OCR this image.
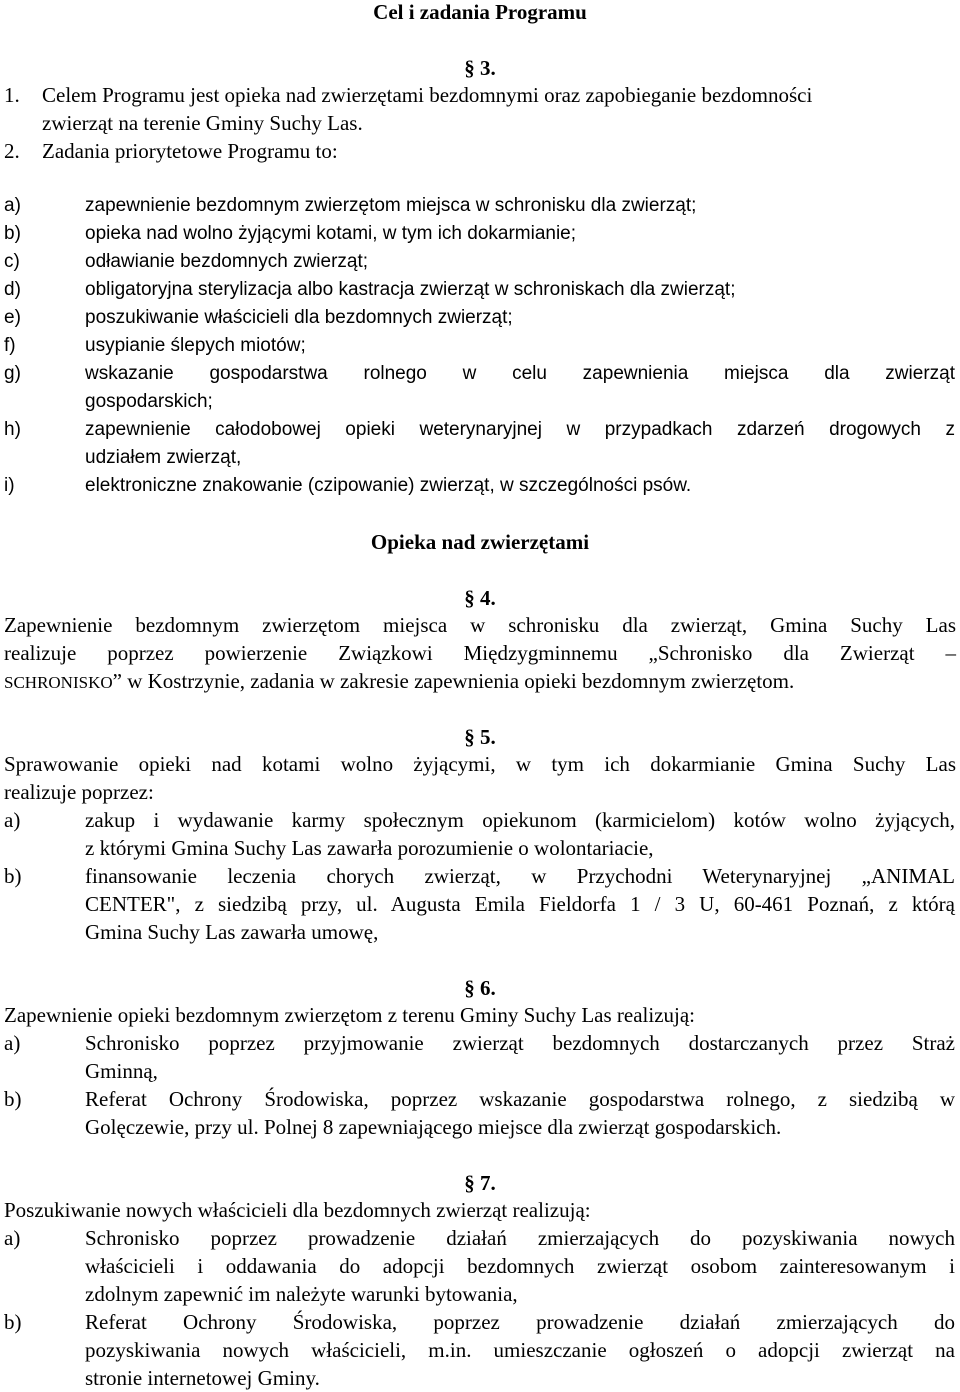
Cel i zadania Programu
§ 3.
1. Celem Programu jest opieka nad zwierzętami bezdomnymi oraz zapobieganie bezdomności
zwierząt na terenie Gminy Suchy Las.
2. Zadania priorytetowe Programu to:
a)	zapewnienie bezdomnym zwierzętom miejsca w schronisku dla zwierząt;
b)	opieka nad wolno żyjącymi kotami, w tym ich dokarmianie;
c)	odławianie bezdomnych zwierząt;
d)	obligatoryjna sterylizacja albo kastracja zwierząt w schroniskach dla zwierząt;
e)	poszukiwanie właścicieli dla bezdomnych zwierząt;
f)	usypianie ślepych miotów;
g)	wskazanie gospodarstwa rolnego w celu zapewnienia miejsca dla zwierząt
gospodarskich;
h)	zapewnienie całodobowej opieki weterynaryjnej w przypadkach zdarzeń drogowych z
udziałem zwierząt,
i)	elektroniczne znakowanie (czipowanie) zwierząt, w szczególności psów.
Opieka nad zwierzętami
§ 4.
Zapewnienie bezdomnym zwierzętom miejsca w schronisku dla zwierząt, Gmina Suchy Las
realizuje poprzez powierzenie Związkowi Międzygminnemu „Schronisko dla Zwierząt –
SCHRONISKO” w Kostrzynie, zadania w zakresie zapewnienia opieki bezdomnym zwierzętom.
§ 5.
Sprawowanie opieki nad kotami wolno żyjącymi, w tym ich dokarmianie Gmina Suchy Las
realizuje poprzez:
a)	zakup i wydawanie karmy społecznym opiekunom (karmicielom) kotów wolno żyjących,
z którymi Gmina Suchy Las zawarła porozumienie o wolontariacie,
b)	finansowanie leczenia chorych zwierząt, w Przychodni Weterynaryjnej „ANIMAL
CENTER", z siedzibą przy, ul. Augusta Emila Fieldorfa 1 / 3 U, 60-461 Poznań, z którą
Gmina Suchy Las zawarła umowę,
§ 6.
Zapewnienie opieki bezdomnym zwierzętom z terenu Gminy Suchy Las realizują:
a)	Schronisko poprzez przyjmowanie zwierząt bezdomnych dostarczanych przez Straż
Gminną,
b)	Referat Ochrony Środowiska, poprzez wskazanie gospodarstwa rolnego, z siedzibą w
Golęczewie, przy ul. Polnej 8 zapewniającego miejsce dla zwierząt gospodarskich.
§ 7.
Poszukiwanie nowych właścicieli dla bezdomnych zwierząt realizują:
a)	Schronisko poprzez prowadzenie działań zmierzających do pozyskiwania nowych
właścicieli i oddawania do adopcji bezdomnych zwierząt osobom zainteresowanym i
zdolnym zapewnić im należyte warunki bytowania,
b)	Referat Ochrony Środowiska, poprzez prowadzenie działań zmierzających do
pozyskiwania nowych właścicieli, m.in. umieszczanie ogłoszeń o adopcji zwierząt na
stronie internetowej Gminy.
